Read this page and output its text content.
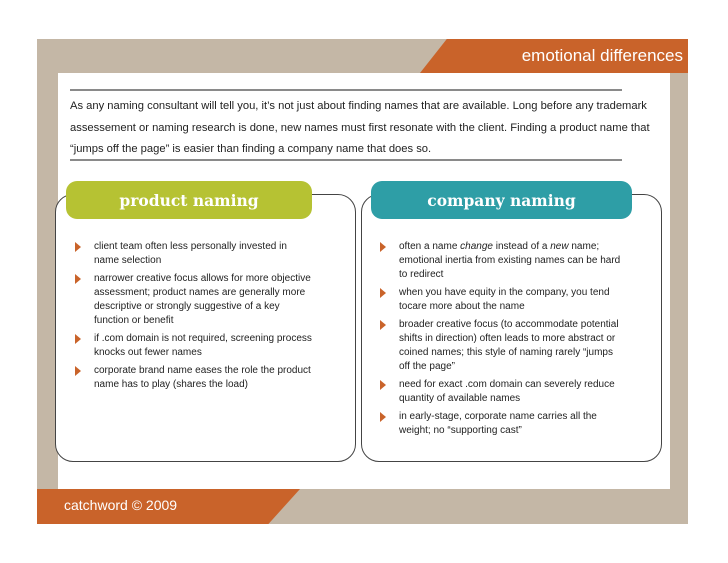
emotional differences
catchword © 2009
As any naming consultant will tell you, it’s not just about finding names that are available. Long before any trademark assessement or naming research is done, new names must first resonate with the client. Finding a product name that “jumps off the page” is easier than finding a company name that does so.
product naming	company naming
client team often less personally invested in name selection
narrower creative focus allows for more objective assessment; product names are generally more descriptive or strongly suggestive of a key function or benefit
if .com domain is not required, screening process knocks out fewer names
corporate brand name eases the role the product name has to play (shares the load)
often a name change instead of a new name; emotional inertia from existing names can be hard to redirect
when you have equity in the company, you tend tocare more about the name
broader creative focus (to accommodate potential shifts in direction) often leads to more abstract or coined names; this style of naming rarely “jumps off the page”
need for exact .com domain can severely reduce quantity of available names
in early-stage, corporate name carries all the weight; no “supporting cast”
